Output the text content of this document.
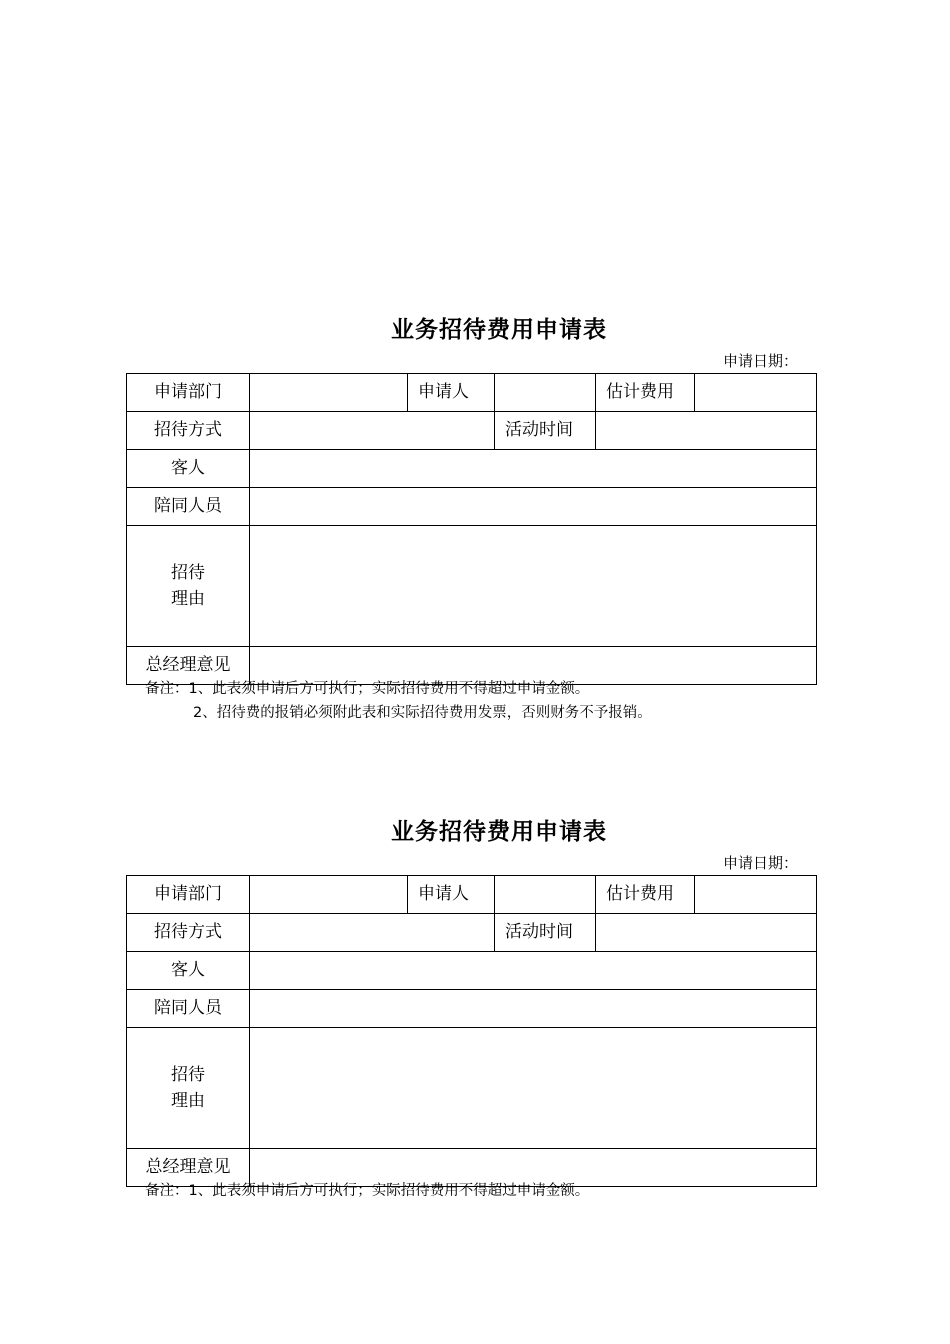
业务招待费用申请表
申请日期：
申请部门		申请人		估计费用	
招待方式			活动时间		
客人					
陪同人员					

招待
理由					

总经理意见					
备注：1、此表须申请后方可执行；实际招待费用不得超过申请金额。
2、招待费的报销必须附此表和实际招待费用发票，否则财务不予报销。
业务招待费用申请表
申请日期：
申请部门		申请人		估计费用	
招待方式			活动时间		
客人					
陪同人员					

招待
理由					

总经理意见					
备注：1、此表须申请后方可执行；实际招待费用不得超过申请金额。
